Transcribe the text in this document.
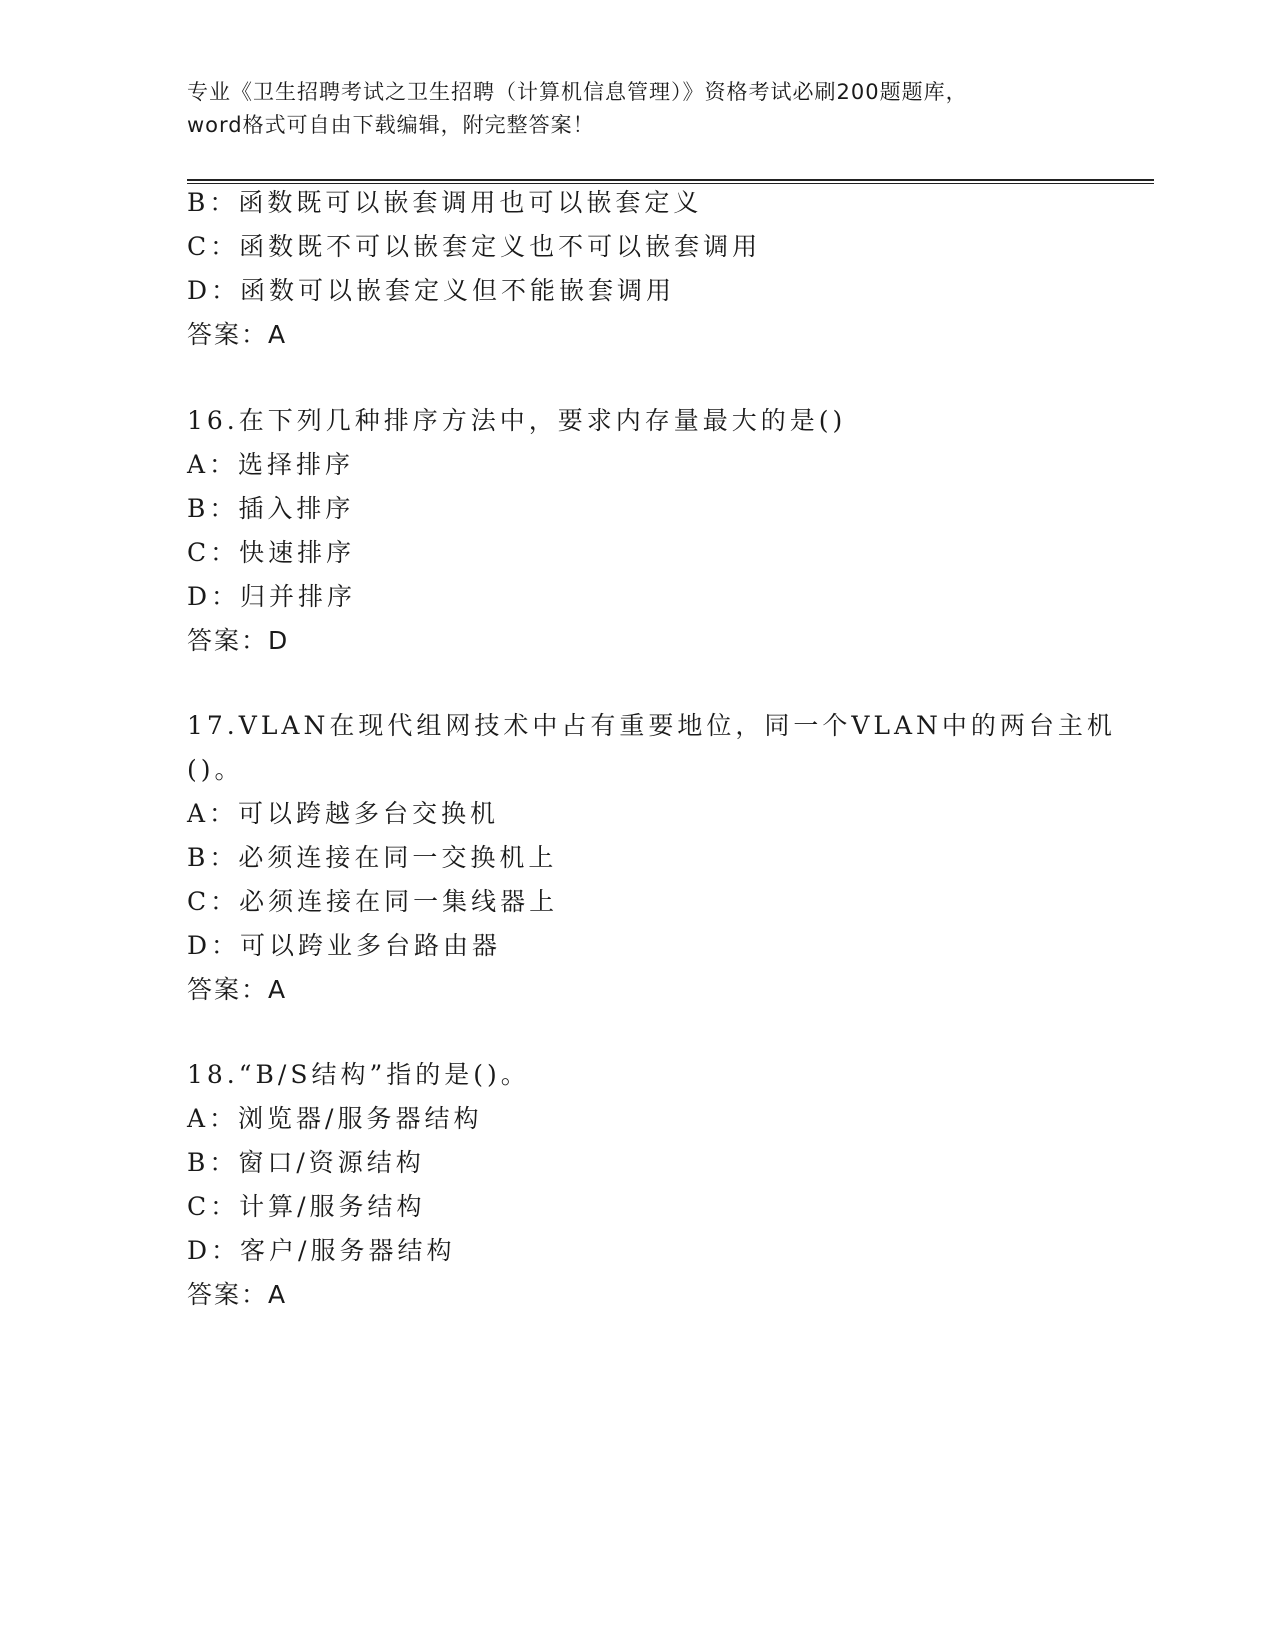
专业《卫生招聘考试之卫生招聘（计算机信息管理）》资格考试必刷200题题库，
word格式可自由下载编辑，附完整答案！
B：函数既可以嵌套调用也可以嵌套定义
C：函数既不可以嵌套定义也不可以嵌套调用
D：函数可以嵌套定义但不能嵌套调用
答案：A
16.在下列几种排序方法中，要求内存量最大的是()
A：选择排序
B：插入排序
C：快速排序
D：归并排序
答案：D
17.VLAN在现代组网技术中占有重要地位，同一个VLAN中的两台主机
()。
A：可以跨越多台交换机
B：必须连接在同一交换机上
C：必须连接在同一集线器上
D：可以跨业多台路由器
答案：A
18.“B/S结构”指的是()。
A：浏览器/服务器结构
B：窗口/资源结构
C：计算/服务结构
D：客户/服务器结构
答案：A
